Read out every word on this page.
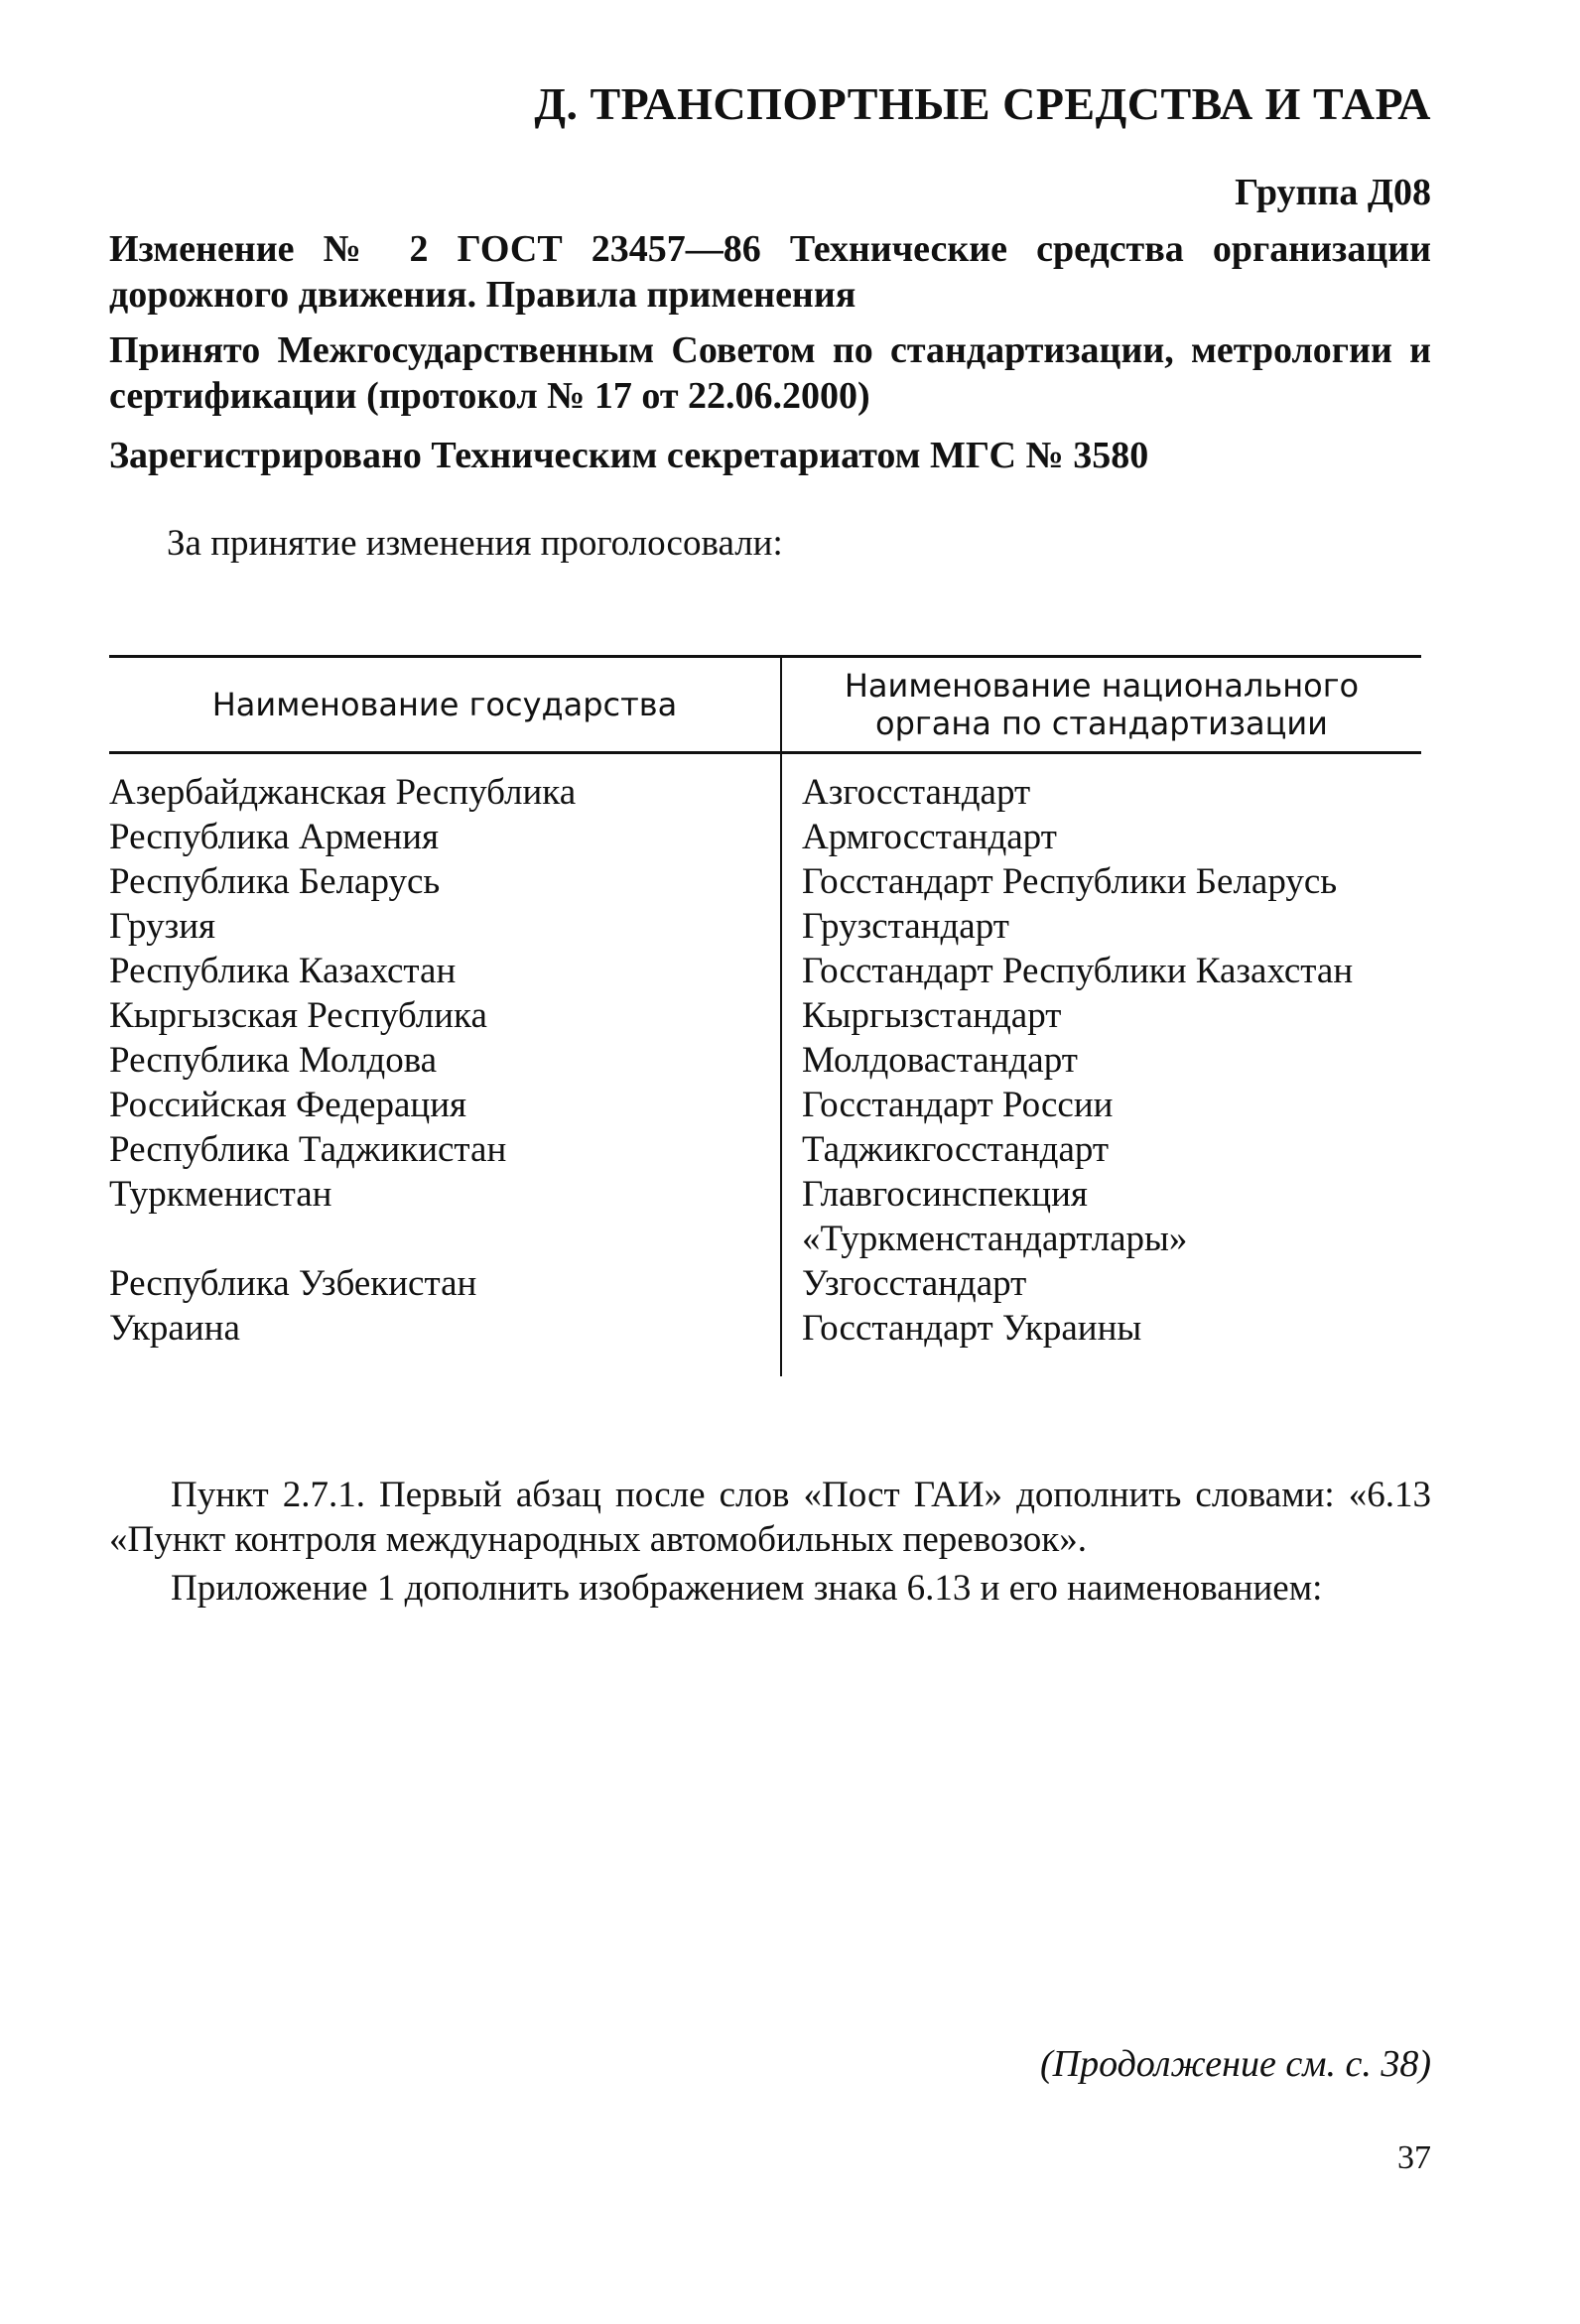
Д. ТРАНСПОРТНЫЕ СРЕДСТВА И ТАРА
Группа Д08
Изменение № 2 ГОСТ 23457—86 Технические средства организации дорожного движения. Правила применения
Принято Межгосударственным Советом по стандартизации, метрологии и сертификации (протокол № 17 от 22.06.2000)
Зарегистрировано Техническим секретариатом МГС № 3580
За принятие изменения проголосовали:
Наименование государства	Наименование национального органа по стандартизации
Азербайджанская Республика	Азгосстандарт
Республика Армения	Армгосстандарт
Республика Беларусь	Госстандарт Республики Беларусь
Грузия	Грузстандарт
Республика Казахстан	Госстандарт Республики Казахстан
Кыргызская Республика	Кыргызстандарт
Республика Молдова	Молдовастандарт
Российская Федерация	Госстандарт России
Республика Таджикистан	Таджикгосстандарт
Туркменистан	Главгосинспекция «Туркменстандартлары»
Республика Узбекистан	Узгосстандарт
Украина	Госстандарт Украины
Пункт 2.7.1. Первый абзац после слов «Пост ГАИ» дополнить словами: «6.13 «Пункт контроля международных автомобильных перевозок».
Приложение 1 дополнить изображением знака 6.13 и его наименованием:
(Продолжение см. с. 38)
37
